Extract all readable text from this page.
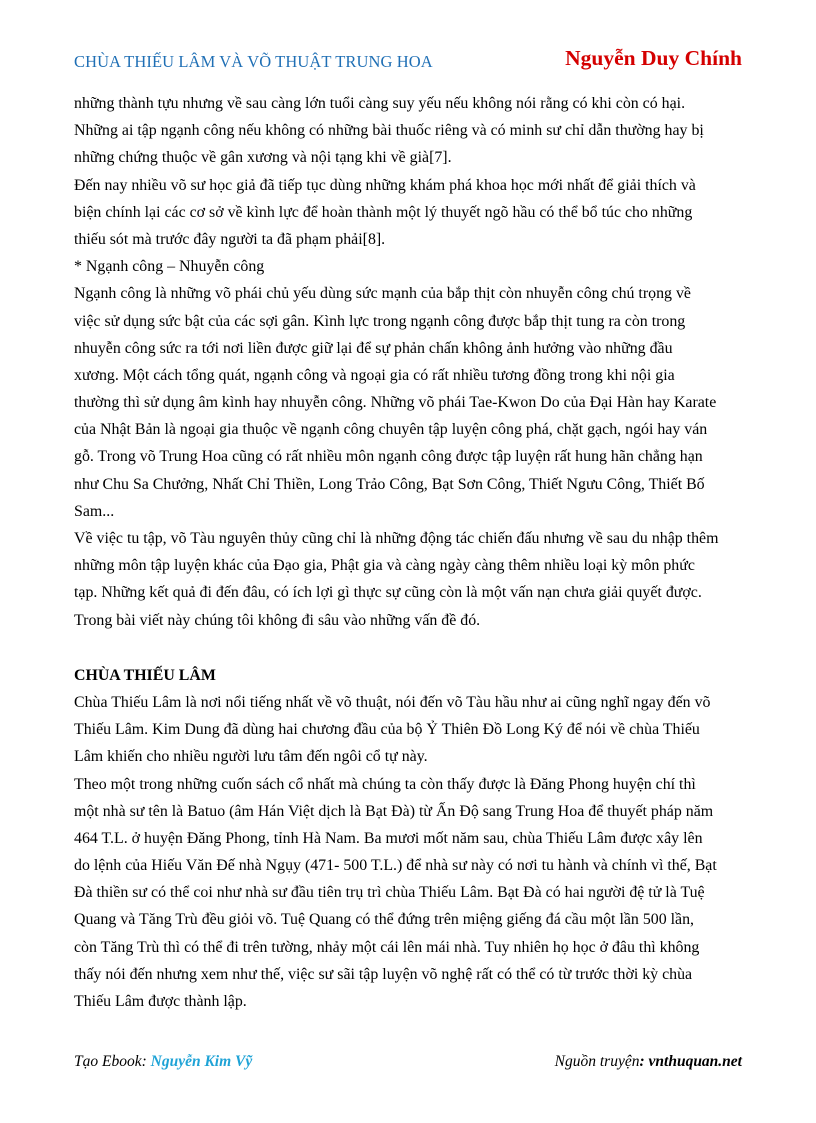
CHÙA THIẾU LÂM VÀ VÕ THUẬT TRUNG HOA	Nguyễn Duy Chính
những thành tựu nhưng về sau càng lớn tuổi càng suy yếu nếu không nói rằng có khi còn có hại.
Những ai tập ngạnh công nếu không có những bài thuốc riêng và có minh sư chỉ dẫn thường hay bị
những chứng thuộc về gân xương và nội tạng khi về già[7].
Đến nay nhiều võ sư học giả đã tiếp tục dùng những khám phá khoa học mới nhất để giải thích và
biện chính lại các cơ sở về kình lực để hoàn thành một lý thuyết ngõ hầu có thể bổ túc cho những
thiếu sót mà trước đây người ta đã phạm phải[8].
* Ngạnh công – Nhuyễn công
Ngạnh công là những võ phái chủ yếu dùng sức mạnh của bắp thịt còn nhuyễn công chú trọng về
việc sử dụng sức bật của các sợi gân. Kình lực trong ngạnh công được bắp thịt tung ra còn trong
nhuyễn công sức ra tới nơi liền được giữ lại để sự phản chấn không ảnh hưởng vào những đầu
xương. Một cách tổng quát, ngạnh công và ngoại gia có rất nhiều tương đồng trong khi nội gia
thường thì sử dụng âm kình hay nhuyễn công. Những võ phái Tae-Kwon Do của Đại Hàn hay Karate
của Nhật Bản là ngoại gia thuộc về ngạnh công chuyên tập luyện công phá, chặt gạch, ngói hay ván
gỗ. Trong võ Trung Hoa cũng có rất nhiều môn ngạnh công được tập luyện rất hung hãn chẳng hạn
như Chu Sa Chưởng, Nhất Chỉ Thiền, Long Trảo Công, Bạt Sơn Công, Thiết Ngưu Công, Thiết Bố
Sam...
Về việc tu tập, võ Tàu nguyên thủy cũng chỉ là những động tác chiến đấu nhưng về sau du nhập thêm
những môn tập luyện khác của Đạo gia, Phật gia và càng ngày càng thêm nhiều loại kỳ môn phức
tạp. Những kết quả đi đến đâu, có ích lợi gì thực sự cũng còn là một vấn nạn chưa giải quyết được.
Trong bài viết này chúng tôi không đi sâu vào những vấn đề đó.
CHÙA THIẾU LÂM
Chùa Thiếu Lâm là nơi nổi tiếng nhất về võ thuật, nói đến võ Tàu hầu như ai cũng nghĩ ngay đến võ
Thiếu Lâm. Kim Dung đã dùng hai chương đầu của bộ Ỷ Thiên Đồ Long Ký để nói về chùa Thiếu
Lâm khiến cho nhiều người lưu tâm đến ngôi cổ tự này.
Theo một trong những cuốn sách cổ nhất mà chúng ta còn thấy được là Đăng Phong huyện chí thì
một nhà sư tên là Batuo (âm Hán Việt dịch là Bạt Đà) từ Ấn Độ sang Trung Hoa để thuyết pháp năm
464 T.L. ở huyện Đăng Phong, tỉnh Hà Nam. Ba mươi mốt năm sau, chùa Thiếu Lâm được xây lên
do lệnh của Hiếu Văn Đế nhà Ngụy (471- 500 T.L.) để nhà sư này có nơi tu hành và chính vì thế, Bạt
Đà thiền sư có thể coi như nhà sư đầu tiên trụ trì chùa Thiếu Lâm. Bạt Đà có hai người đệ tử là Tuệ
Quang và Tăng Trù đều giỏi võ. Tuệ Quang có thể đứng trên miệng giếng đá cầu một lần 500 lần,
còn Tăng Trù thì có thể đi trên tường, nhảy một cái lên mái nhà. Tuy nhiên họ học ở đâu thì không
thấy nói đến nhưng xem như thế, việc sư sãi tập luyện võ nghệ rất có thể có từ trước thời kỳ chùa
Thiếu Lâm được thành lập.
Tạo Ebook: Nguyễn Kim Vỹ	Nguồn truyện: vnthuquan.net
